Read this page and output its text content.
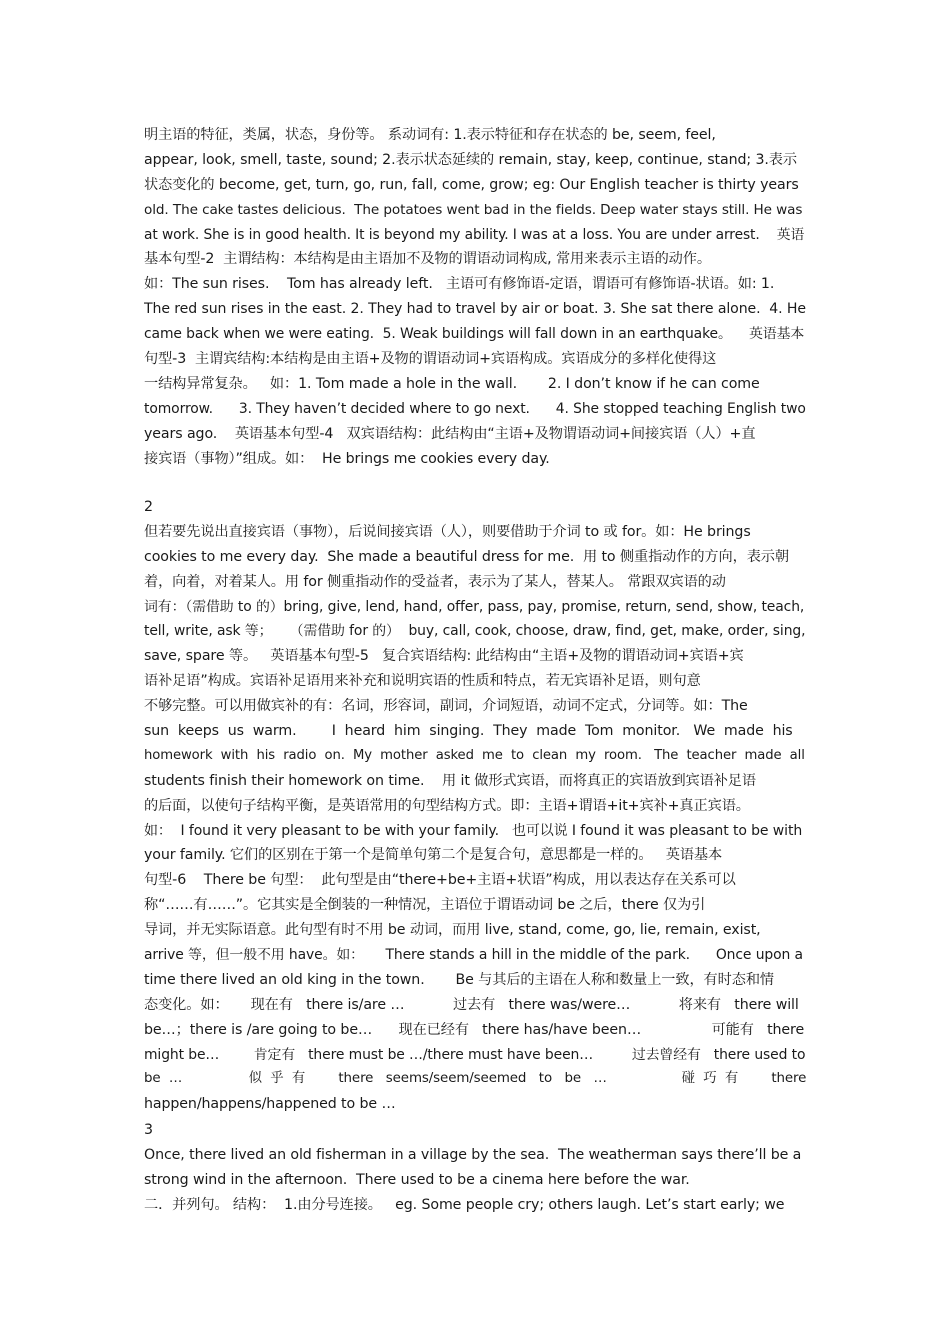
明主语的特征，类属，状态，身份等。 系动词有: 1.表示特征和存在状态的 be, seem, feel,
appear, look, smell, taste, sound; 2.表示状态延续的 remain, stay, keep, continue, stand; 3.表示
状态变化的 become, get, turn, go, run, fall, come, grow; eg: Our English teacher is thirty years
old. The cake tastes delicious.  The potatoes went bad in the fields. Deep water stays still. He was
at work. She is in good health. It is beyond my ability. I was at a loss. You are under arrest.    英语
基本句型-2  主谓结构：本结构是由主语加不及物的谓语动词构成, 常用来表示主语的动作。
如：The sun rises.    Tom has already left.   主语可有修饰语-定语，谓语可有修饰语-状语。如: 1.
The red sun rises in the east. 2. They had to travel by air or boat. 3. She sat there alone.  4. He
came back when we were eating.  5. Weak buildings will fall down in an earthquake。    英语基本
句型-3  主谓宾结构:本结构是由主语+及物的谓语动词+宾语构成。宾语成分的多样化使得这
一结构异常复杂。   如：1. Tom made a hole in the wall.       2. I don’t know if he can come
tomorrow.      3. They haven’t decided where to go next.      4. She stopped teaching English two
years ago.    英语基本句型-4   双宾语结构：此结构由“主语+及物谓语动词+间接宾语（人）+直
接宾语（事物）”组成。如：  He brings me cookies every day.
2
但若要先说出直接宾语（事物），后说间接宾语（人），则要借助于介词 to 或 for。如：He brings
cookies to me every day.  She made a beautiful dress for me.  用 to 侧重指动作的方向，表示朝
着，向着，对着某人。用 for 侧重指动作的受益者，表示为了某人，替某人。 常跟双宾语的动
词有：（需借助 to 的）bring, give, lend, hand, offer, pass, pay, promise, return, send, show, teach,
tell, write, ask 等；    （需借助 for 的）  buy, call, cook, choose, draw, find, get, make, order, sing,
save, spare 等。   英语基本句型-5   复合宾语结构: 此结构由“主语+及物的谓语动词+宾语+宾
语补足语”构成。宾语补足语用来补充和说明宾语的性质和特点，若无宾语补足语，则句意
不够完整。可以用做宾补的有：名词，形容词，副词，介词短语，动词不定式，分词等。如：The
sun  keeps  us  warm.        I  heard  him  singing.  They  made  Tom  monitor.   We  made  his
homework  with  his  radio  on.  My  mother  asked  me  to  clean  my  room.   The  teacher  made  all
students finish their homework on time.    用 it 做形式宾语，而将真正的宾语放到宾语补足语
的后面，以使句子结构平衡，是英语常用的句型结构方式。即：主语+谓语+it+宾补+真正宾语。
如：  I found it very pleasant to be with your family.   也可以说 I found it was pleasant to be with
your family. 它们的区别在于第一个是简单句第二个是复合句，意思都是一样的。   英语基本
句型-6    There be 句型：  此句型是由“there+be+主语+状语”构成，用以表达存在关系可以
称“……有……”。它其实是全倒装的一种情况，主语位于谓语动词 be 之后，there 仅为引
导词，并无实际语意。此句型有时不用 be 动词，而用 live, stand, come, go, lie, remain, exist,
arrive 等，但一般不用 have。如：     There stands a hill in the middle of the park.      Once upon a
time there lived an old king in the town.       Be 与其后的主语在人称和数量上一致，有时态和情
态变化。如：     现在有   there is/are …           过去有   there was/were…           将来有   there will
be…；there is /are going to be…      现在已经有   there has/have been…                可能有   there
might be…        肯定有   there must be …/there must have been…         过去曾经有   there used to
be  …                似  乎  有        there   seems/seem/seemed   to   be   …                  碰  巧  有        there
happen/happens/happened to be …
3
Once, there lived an old fisherman in a village by the sea.  The weatherman says there’ll be a
strong wind in the afternoon.  There used to be a cinema here before the war.
二．并列句。 结构：  1.由分号连接。   eg. Some people cry; others laugh. Let’s start early; we
